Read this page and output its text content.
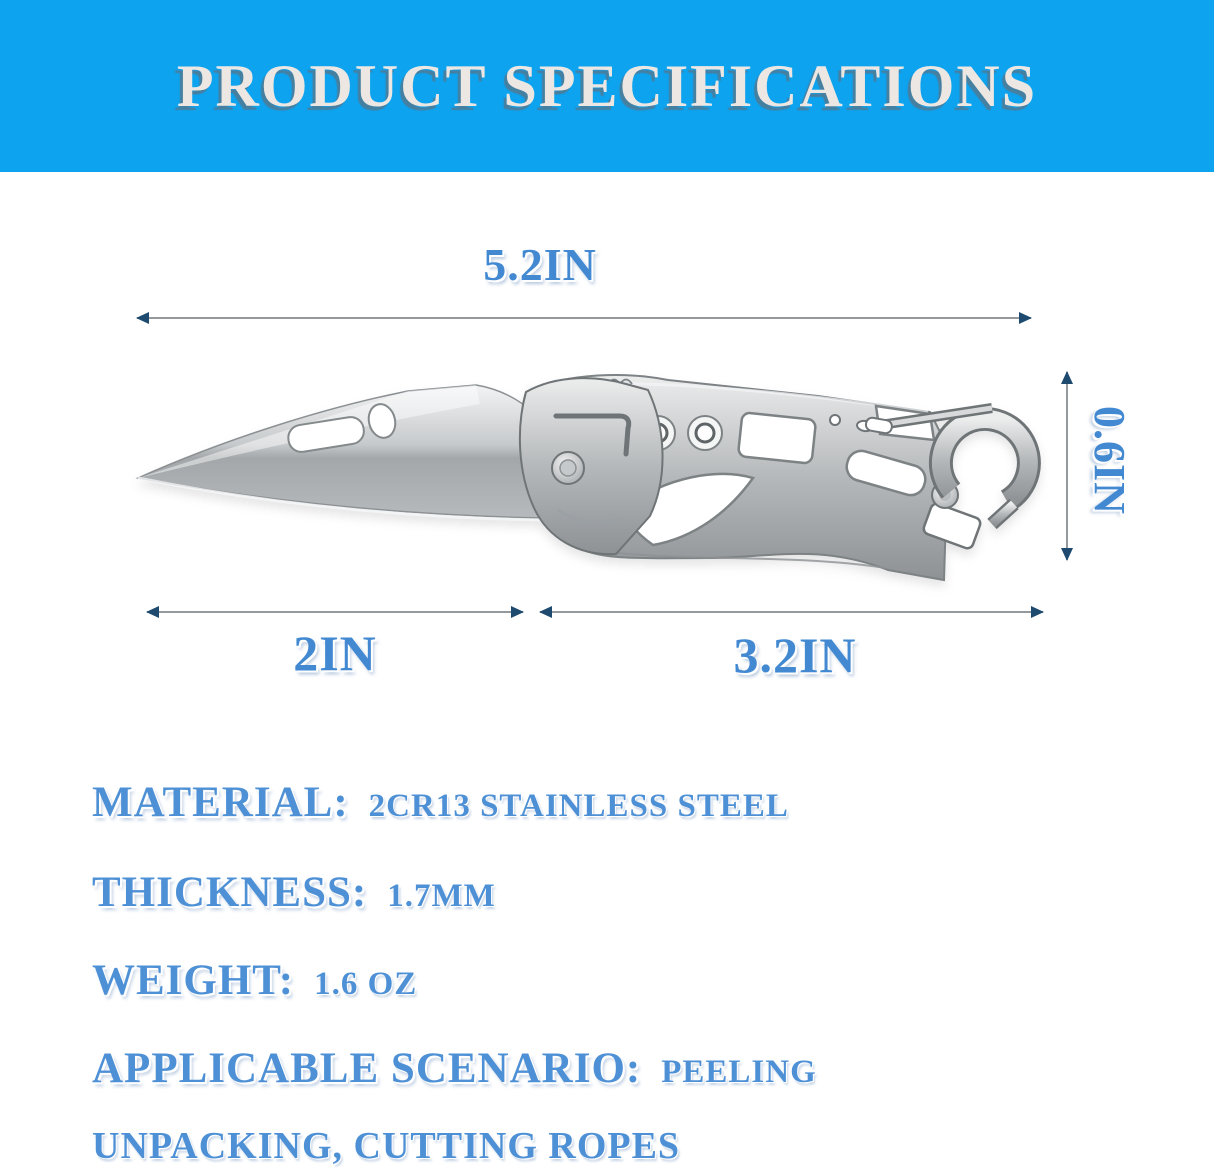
PRODUCT SPECIFICATIONS
5.2IN
0.6IN
2IN	3.2IN
MATERIAL: 2CR13 STAINLESS STEEL
THICKNESS: 1.7MM
WEIGHT: 1.6 OZ
APPLICABLE SCENARIO: PEELING
UNPACKING, CUTTING ROPES
